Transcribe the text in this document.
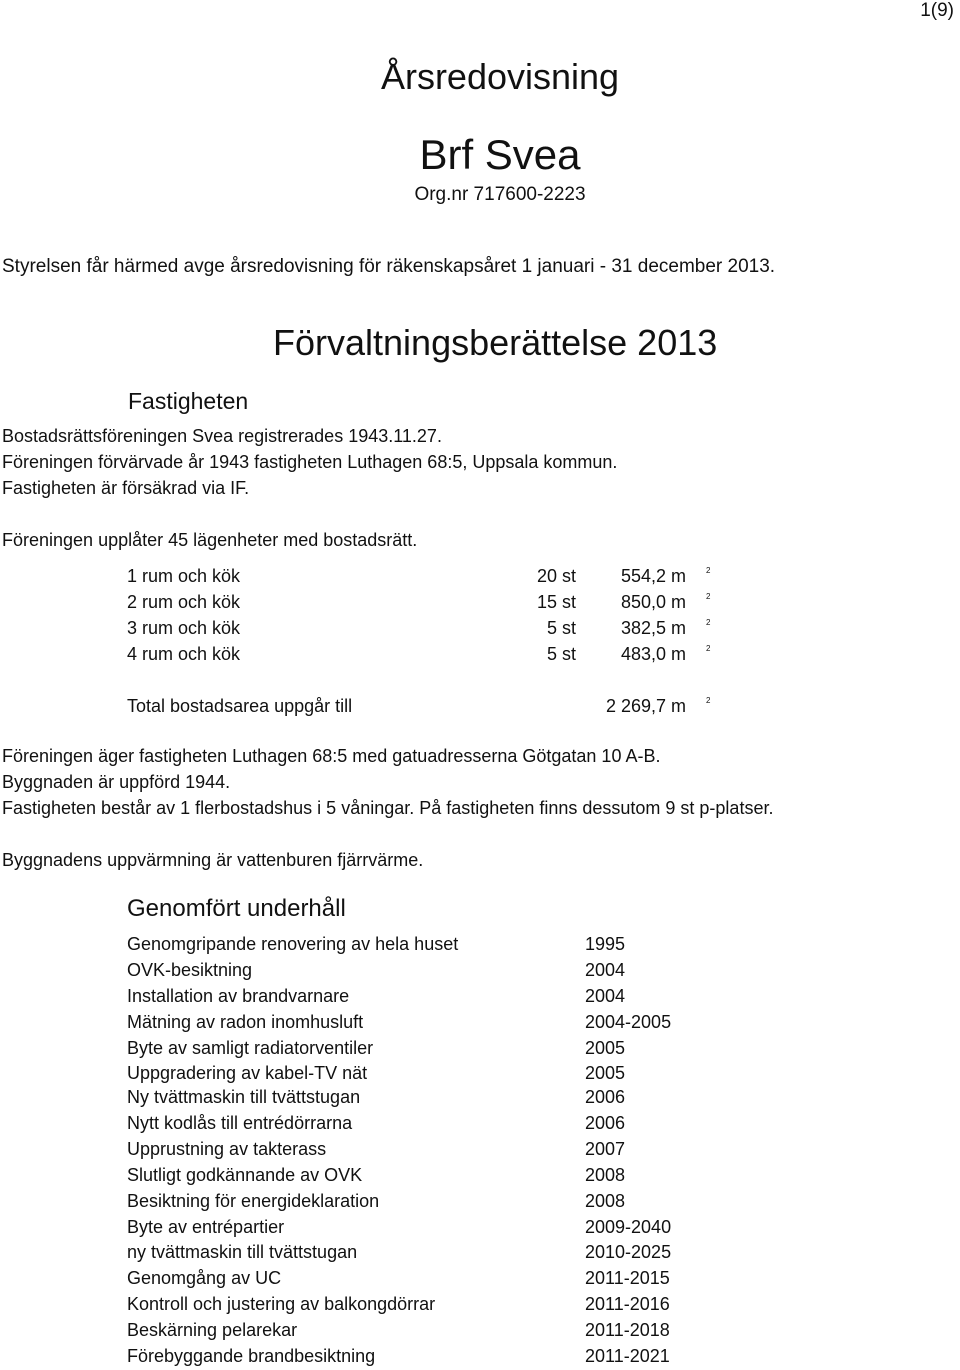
1(9)
Årsredovisning
Brf Svea
Org.nr 717600-2223
Styrelsen får härmed avge årsredovisning för räkenskapsåret 1 januari - 31 december 2013.
Förvaltningsberättelse 2013
Fastigheten
Bostadsrättsföreningen Svea registrerades 1943.11.27.
Föreningen förvärvade år 1943 fastigheten Luthagen 68:5, Uppsala kommun.
Fastigheten är försäkrad via IF.
Föreningen upplåter 45 lägenheter med bostadsrätt.
1 rum och kök	20 st	554,2 m	2
2 rum och kök	15 st	850,0 m	2
3 rum och kök	5 st	382,5 m	2
4 rum och kök	5 st	483,0 m	2
Total bostadsarea uppgår till	2 269,7 m	2
Föreningen äger fastigheten Luthagen 68:5 med gatuadresserna Götgatan 10 A-B.
Byggnaden är uppförd 1944.
Fastigheten består av 1 flerbostadshus i 5 våningar. På fastigheten finns dessutom 9 st p-platser.
Byggnadens uppvärmning är vattenburen fjärrvärme.
Genomfört underhåll
Genomgripande renovering av hela huset	1995
OVK-besiktning	2004
Installation av brandvarnare	2004
Mätning av radon inomhusluft	2004-2005
Byte av samligt radiatorventiler	2005
Uppgradering av kabel-TV nät	2005
Ny tvättmaskin till tvättstugan	2006
Nytt kodlås till entrédörrarna	2006
Upprustning av takterass	2007
Slutligt godkännande av OVK	2008
Besiktning för energideklaration	2008
Byte av entrépartier	2009-2040
ny tvättmaskin till tvättstugan	2010-2025
Genomgång av UC	2011-2015
Kontroll och justering av balkongdörrar	2011-2016
Beskärning pelarekar	2011-2018
Förebyggande brandbesiktning	2011-2021
